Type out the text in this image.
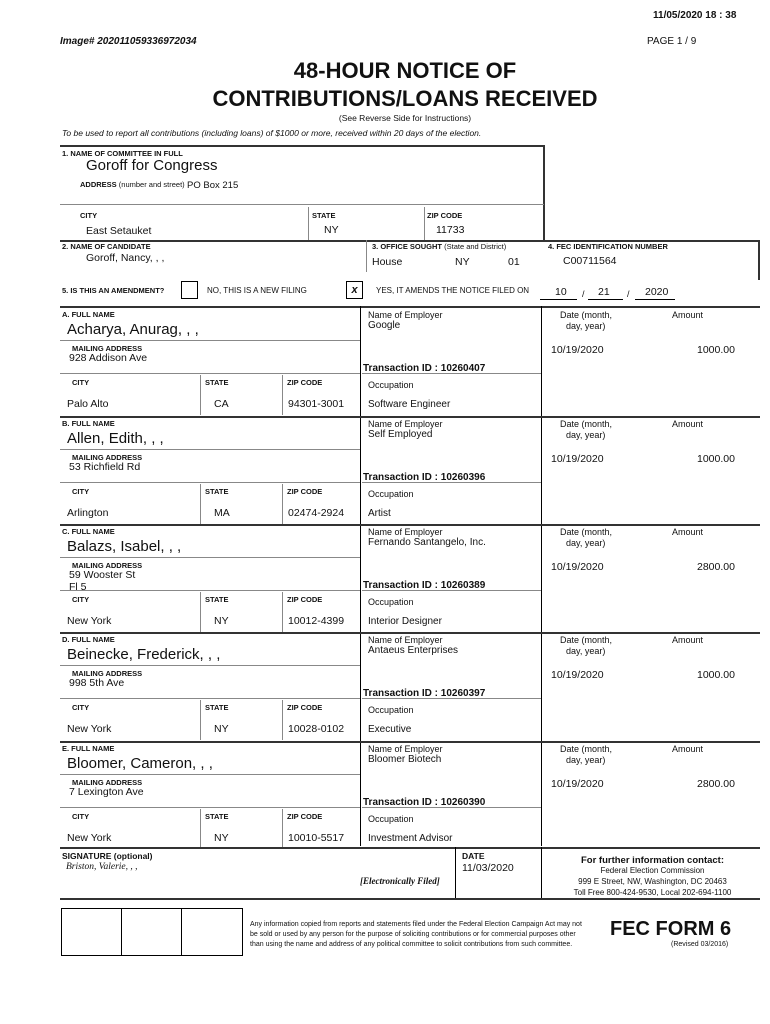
11/05/2020 18 : 38
Image# 202011059336972034	PAGE 1 / 9
48-HOUR NOTICE OF
CONTRIBUTIONS/LOANS RECEIVED
(See Reverse Side for Instructions)
To be used to report all contributions (including loans) of $1000 or more, received within 20 days of the election.
1. NAME OF COMMITTEE IN FULL
Goroff for Congress
ADDRESS (number and street) PO Box 215
CITY	STATE	ZIP CODE
East Setauket	NY	11733
2. NAME OF CANDIDATE
Goroff, Nancy, , ,
3. OFFICE SOUGHT (State and District)
House	NY	01
4. FEC IDENTIFICATION NUMBER
C00711564
5. IS THIS AN AMENDMENT?	NO, THIS IS A NEW FILING	x	YES, IT AMENDS THE NOTICE FILED ON 10 / 21 / 2020
A. FULL NAME
Acharya, Anurag, , ,
MAILING ADDRESS
928 Addison Ave
CITY	STATE	ZIP CODE
Palo Alto	CA	94301-3001
Name of Employer
Google
Transaction ID : 10260407
Occupation
Software Engineer
Date (month,
day, year)
Amount
10/19/2020	1000.00
B. FULL NAME
Allen, Edith, , ,
MAILING ADDRESS
53 Richfield Rd
CITY	STATE	ZIP CODE
Arlington	MA	02474-2924
Name of Employer
Self Employed
Transaction ID : 10260396
Occupation
Artist
Date (month,
day, year)
Amount
10/19/2020	1000.00
C. FULL NAME
Balazs, Isabel, , ,
MAILING ADDRESS
59 Wooster St
Fl 5
CITY	STATE	ZIP CODE
New York	NY	10012-4399
Name of Employer
Fernando Santangelo, Inc.
Transaction ID : 10260389
Occupation
Interior Designer
Date (month,
day, year)
Amount
10/19/2020	2800.00
D. FULL NAME
Beinecke, Frederick, , ,
MAILING ADDRESS
998 5th Ave
CITY	STATE	ZIP CODE
New York	NY	10028-0102
Name of Employer
Antaeus Enterprises
Transaction ID : 10260397
Occupation
Executive
Date (month,
day, year)
Amount
10/19/2020	1000.00
E. FULL NAME
Bloomer, Cameron, , ,
MAILING ADDRESS
7 Lexington Ave
CITY	STATE	ZIP CODE
New York	NY	10010-5517
Name of Employer
Bloomer Biotech
Transaction ID : 10260390
Occupation
Investment Advisor
Date (month,
day, year)
Amount
10/19/2020	2800.00
SIGNATURE (optional)
Briston, Valerie, , ,
[Electronically Filed]
DATE
11/03/2020
For further information contact:
Federal Election Commission
999 E Street, NW, Washington, DC 20463
Toll Free 800-424-9530, Local 202-694-1100
Any information copied from reports and statements filed under the Federal Election Campaign Act may not
be sold or used by any person for the purpose of soliciting contributions or for commercial purposes other
than using the name and address of any political committee to solicit contributions from such committee.
FEC FORM 6
(Revised 03/2016)
